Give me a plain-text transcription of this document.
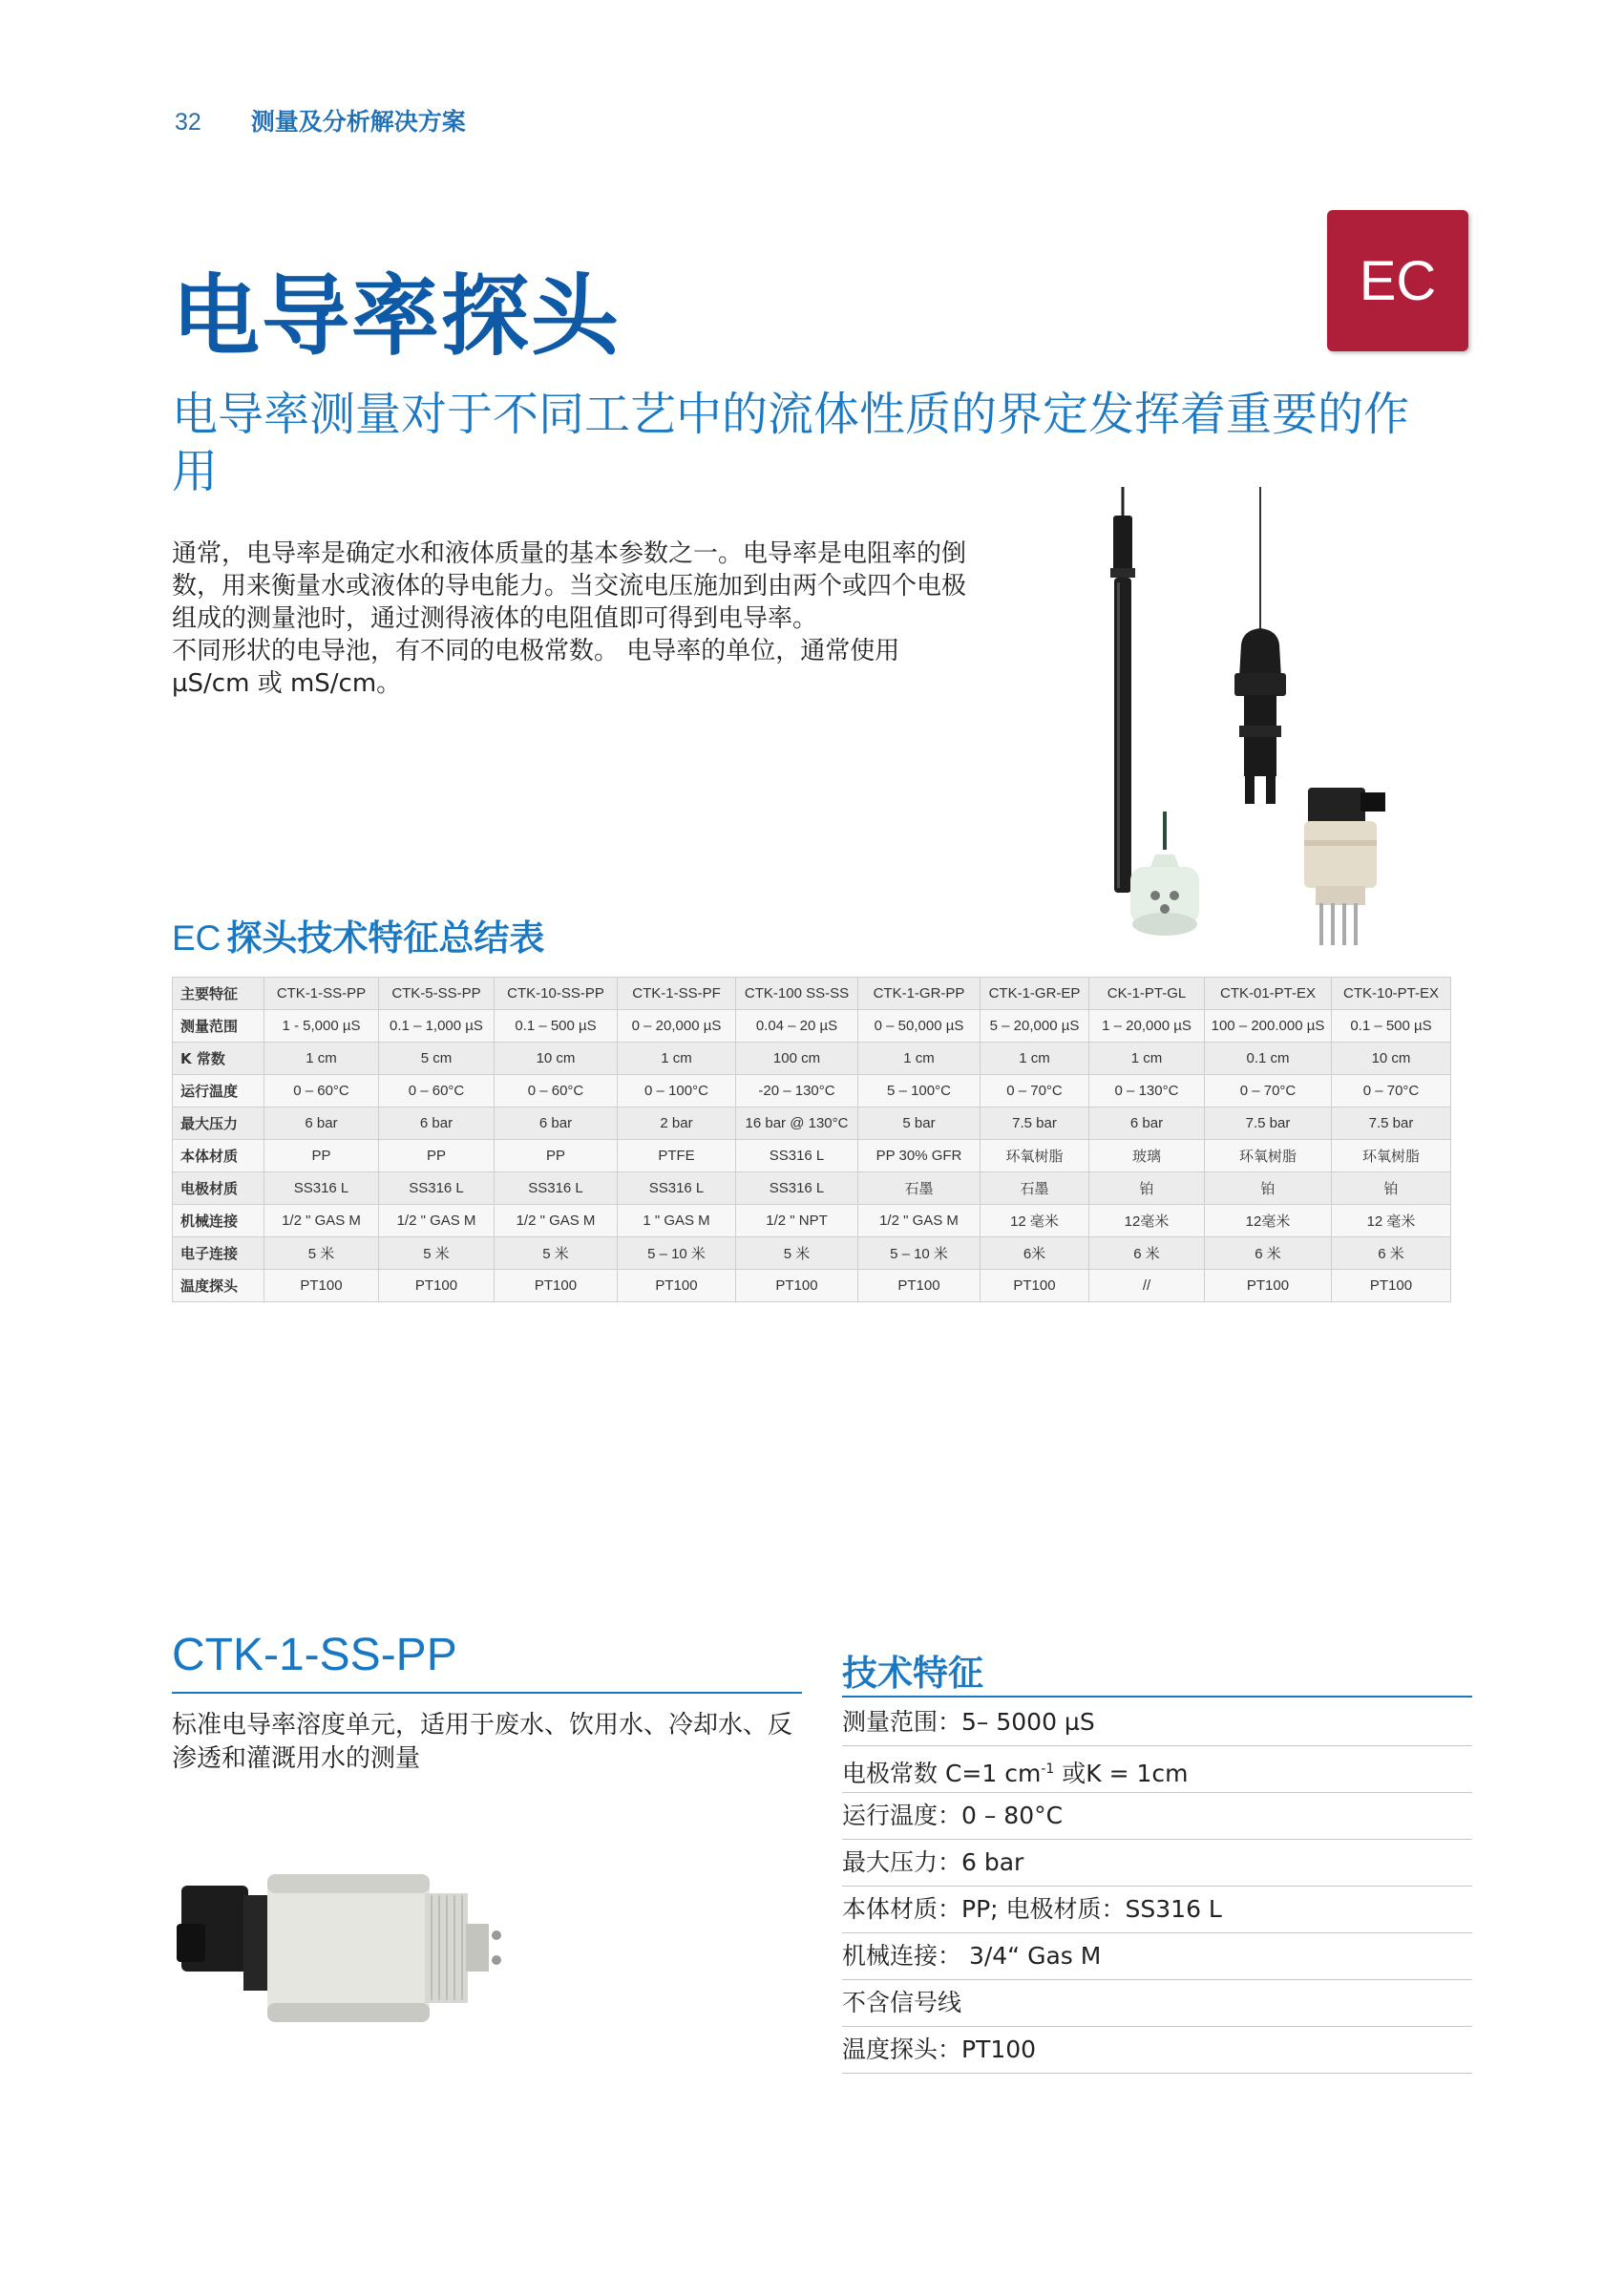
32 测量及分析解决方案
EC
电导率探头
电导率测量对于不同工艺中的流体性质的界定发挥着重要的作用

通常，电导率是确定水和液体质量的基本参数之一。电导率是电阻率的倒数，用来衡量水或液体的导电能力。当交流电压施加到由两个或四个电极组成的测量池时，通过测得液体的电阻值即可得到电导率。

不同形状的电导池，有不同的电极常数。 电导率的单位，通常使用µS/cm 或 mS/cm。

EC 探头技术特征总结表
主要特征	CTK-1-SS-PP	CTK-5-SS-PP	CTK-10-SS-PP	CTK-1-SS-PF	CTK-100 SS-SS	CTK-1-GR-PP	CTK-1-GR-EP	CK-1-PT-GL	CTK-01-PT-EX	CTK-10-PT-EX
测量范围	1 - 5,000 µS	0.1 – 1,000 µS	0.1 – 500 µS	0 – 20,000 µS	0.04 – 20 µS	0 – 50,000 µS	5 – 20,000 µS	1 – 20,000 µS	100 – 200.000 µS	0.1 – 500 µS
K 常数	1 cm	5 cm	10 cm	1 cm	100 cm	1 cm	1 cm	1 cm	0.1 cm	10 cm
运行温度	0 – 60°C	0 – 60°C	0 – 60°C	0 – 100°C	-20 – 130°C	5 – 100°C	0 – 70°C	0 – 130°C	0 – 70°C	0 – 70°C
最大压力	6 bar	6 bar	6 bar	2 bar	16 bar @ 130°C	5 bar	7.5 bar	6 bar	7.5 bar	7.5 bar
本体材质	PP	PP	PP	PTFE	SS316 L	PP 30% GFR	环氧树脂	玻璃	环氧树脂	环氧树脂
电极材质	SS316 L	SS316 L	SS316 L	SS316 L	SS316 L	石墨	石墨	铂	铂	铂
机械连接	1/2 " GAS M	1/2 " GAS M	1/2 " GAS M	1 " GAS M	1/2 " NPT	1/2 " GAS M	12 毫米	12毫米	12毫米	12 毫米
电子连接	5 米	5 米	5 米	5 – 10 米	5 米	5 – 10 米	6米	6 米	6 米	6 米
温度探头	PT100	PT100	PT100	PT100	PT100	PT100	PT100	//	PT100	PT100
CTK-1-SS-PP
标准电导率溶度单元，适用于废水、饮用水、冷却水、反渗透和灌溉用水的测量
技术特征
测量范围：5– 5000 µS
电极常数 C=1 $cm^{-1}$ 或K = 1cm
运行温度：0 – 80°C
最大压力：6 bar
本体材质：PP; 电极材质：SS316 L
机械连接： 3/4“ Gas M
不含信号线
温度探头：PT100
